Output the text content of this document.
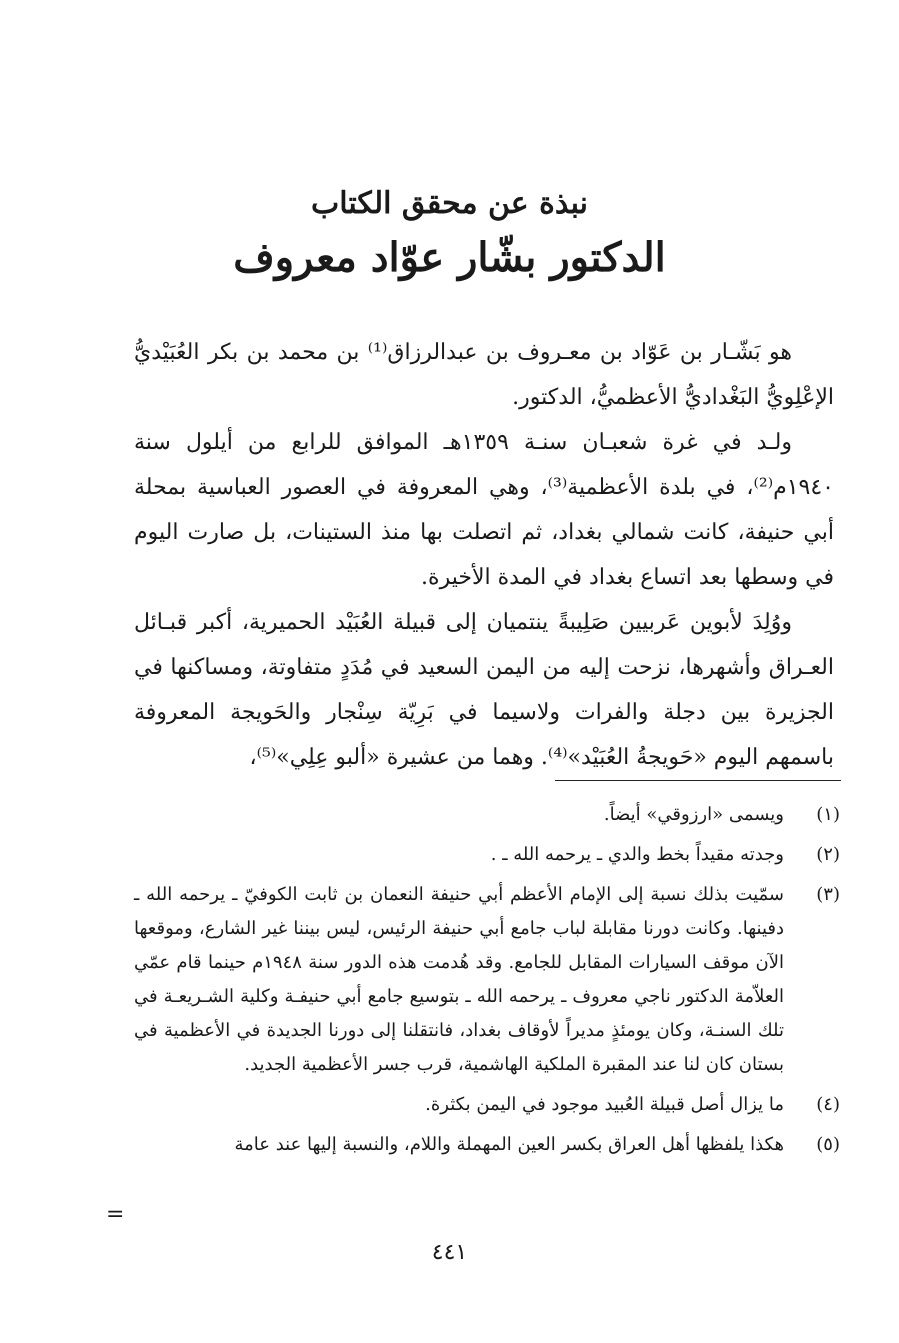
نبذة عن محقق الكتاب
الدكتور بشّار عوّاد معروف

هو بَشّـار بن عَوّاد بن معـروف بن عبدالرزاق⁽¹⁾ بن محمد بن بكر العُبَيْديُّ الإعْلِويُّ البَغْداديُّ الأعظميُّ، الدكتور.

ولـد في غرة شعبـان سنـة ١٣٥٩هـ الموافق للرابع من أيلول سنة ١٩٤٠م⁽²⁾، في بلدة الأعظمية⁽³⁾، وهي المعروفة في العصور العباسية بمحلة أبي حنيفة، كانت شمالي بغداد، ثم اتصلت بها منذ الستينات، بل صارت اليوم في وسطها بعد اتساع بغداد في المدة الأخيرة.

ووُلِدَ لأبوين عَربيين صَلِيبةً ينتميان إلى قبيلة العُبَيْد الحميرية، أكبر قبـائل العـراق وأشهرها، نزحت إليه من اليمن السعيد في مُدَدٍ متفاوتة، ومساكنها في الجزيرة بين دجلة والفرات ولاسيما في بَرِيّة سِنْجار والحَويجة المعروفة باسمهم اليوم «حَويجةُ العُبَيْد»⁽⁴⁾. وهما من عشيرة «ألبو عِلِي»⁽⁵⁾،

(١)
ويسمى «ارزوقي» أيضاً.
(٢)
وجدته مقيداً بخط والدي ـ يرحمه الله ـ .
(٣)
سمّيت بذلك نسبة إلى الإمام الأعظم أبي حنيفة النعمان بن ثابت الكوفيّ ـ يرحمه الله ـ دفينها. وكانت دورنا مقابلة لباب جامع أبي حنيفة الرئيس، ليس بيننا غير الشارع، وموقعها الآن موقف السيارات المقابل للجامع. وقد هُدمت هذه الدور سنة ١٩٤٨م حينما قام عمّي العلاّمة الدكتور ناجي معروف ـ يرحمه الله ـ بتوسيع جامع أبي حنيفـة وكلية الشـريعـة في تلك السنـة، وكان يومئذٍ مديراً لأوقاف بغداد، فانتقلنا إلى دورنا الجديدة في الأعظمية في بستان كان لنا عند المقبرة الملكية الهاشمية، قرب جسر الأعظمية الجديد.
(٤)
ما يزال أصل قبيلة العُبيد موجود في اليمن بكثرة.
(٥)
هكذا يلفظها أهل العراق بكسر العين المهملة واللام، والنسبة إليها عند عامة
=
٤٤١
